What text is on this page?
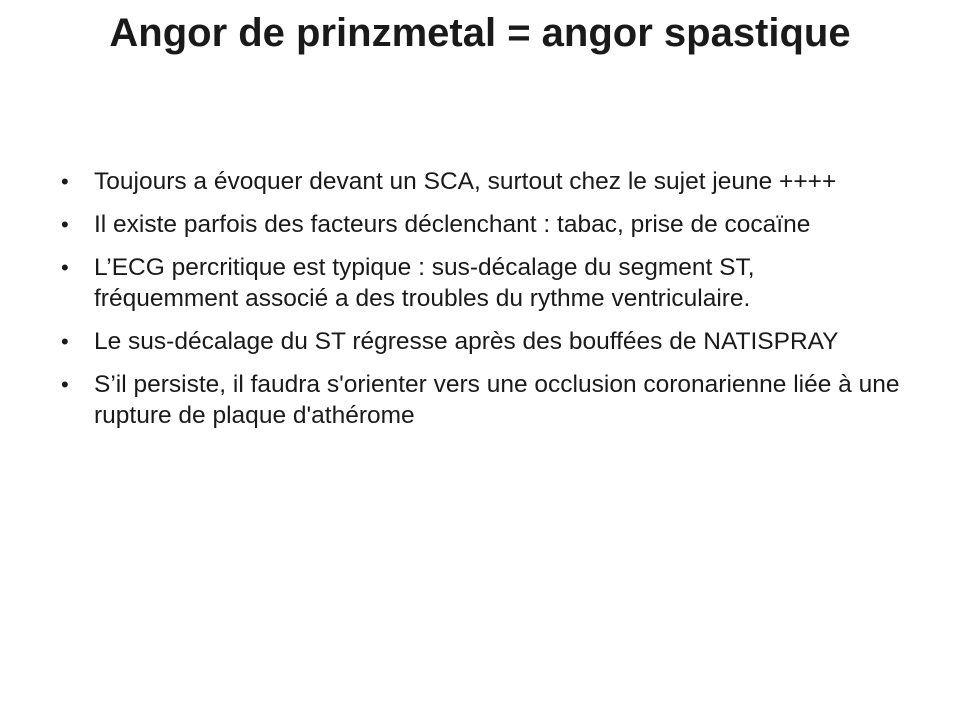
Angor de prinzmetal = angor spastique
• Toujours a évoquer devant un SCA, surtout chez le sujet jeune ++++
• Il existe parfois des facteurs déclenchant : tabac, prise de cocaïne
• L’ECG percritique est typique : sus-décalage du segment ST, fréquemment associé a des troubles du rythme ventriculaire.
• Le sus-décalage du ST régresse après des bouffées de NATISPRAY
• S’il persiste, il faudra s'orienter vers une occlusion coronarienne liée à une rupture de plaque d'athérome
